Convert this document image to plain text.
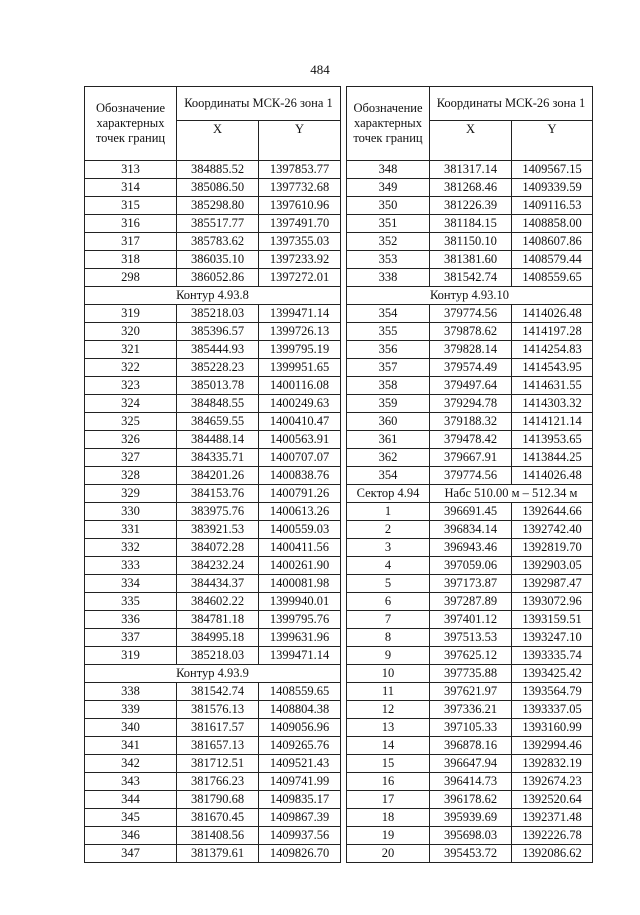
484
Обозначение характерных точек границ	Координаты МСК-26 зона 1	
	X	Y
313	384885.52	1397853.77
314	385086.50	1397732.68
315	385298.80	1397610.96
316	385517.77	1397491.70
317	385783.62	1397355.03
318	386035.10	1397233.92
298	386052.86	1397272.01
Контур 4.93.8		
319	385218.03	1399471.14
320	385396.57	1399726.13
321	385444.93	1399795.19
322	385228.23	1399951.65
323	385013.78	1400116.08
324	384848.55	1400249.63
325	384659.55	1400410.47
326	384488.14	1400563.91
327	384335.71	1400707.07
328	384201.26	1400838.76
329	384153.76	1400791.26
330	383975.76	1400613.26
331	383921.53	1400559.03
332	384072.28	1400411.56
333	384232.24	1400261.90
334	384434.37	1400081.98
335	384602.22	1399940.01
336	384781.18	1399795.76
337	384995.18	1399631.96
319	385218.03	1399471.14
Контур 4.93.9		
338	381542.74	1408559.65
339	381576.13	1408804.38
340	381617.57	1409056.96
341	381657.13	1409265.76
342	381712.51	1409521.43
343	381766.23	1409741.99
344	381790.68	1409835.17
345	381670.45	1409867.39
346	381408.56	1409937.56
347	381379.61	1409826.70
Обозначение характерных точек границ	Координаты МСК-26 зона 1	
	X	Y
348	381317.14	1409567.15
349	381268.46	1409339.59
350	381226.39	1409116.53
351	381184.15	1408858.00
352	381150.10	1408607.86
353	381381.60	1408579.44
338	381542.74	1408559.65
Контур 4.93.10		
354	379774.56	1414026.48
355	379878.62	1414197.28
356	379828.14	1414254.83
357	379574.49	1414543.95
358	379497.64	1414631.55
359	379294.78	1414303.32
360	379188.32	1414121.14
361	379478.42	1413953.65
362	379667.91	1413844.25
354	379774.56	1414026.48
Сектор 4.94	Набс 510.00 м – 512.34 м	
1	396691.45	1392644.66
2	396834.14	1392742.40
3	396943.46	1392819.70
4	397059.06	1392903.05
5	397173.87	1392987.47
6	397287.89	1393072.96
7	397401.12	1393159.51
8	397513.53	1393247.10
9	397625.12	1393335.74
10	397735.88	1393425.42
11	397621.97	1393564.79
12	397336.21	1393337.05
13	397105.33	1393160.99
14	396878.16	1392994.46
15	396647.94	1392832.19
16	396414.73	1392674.23
17	396178.62	1392520.64
18	395939.69	1392371.48
19	395698.03	1392226.78
20	395453.72	1392086.62
